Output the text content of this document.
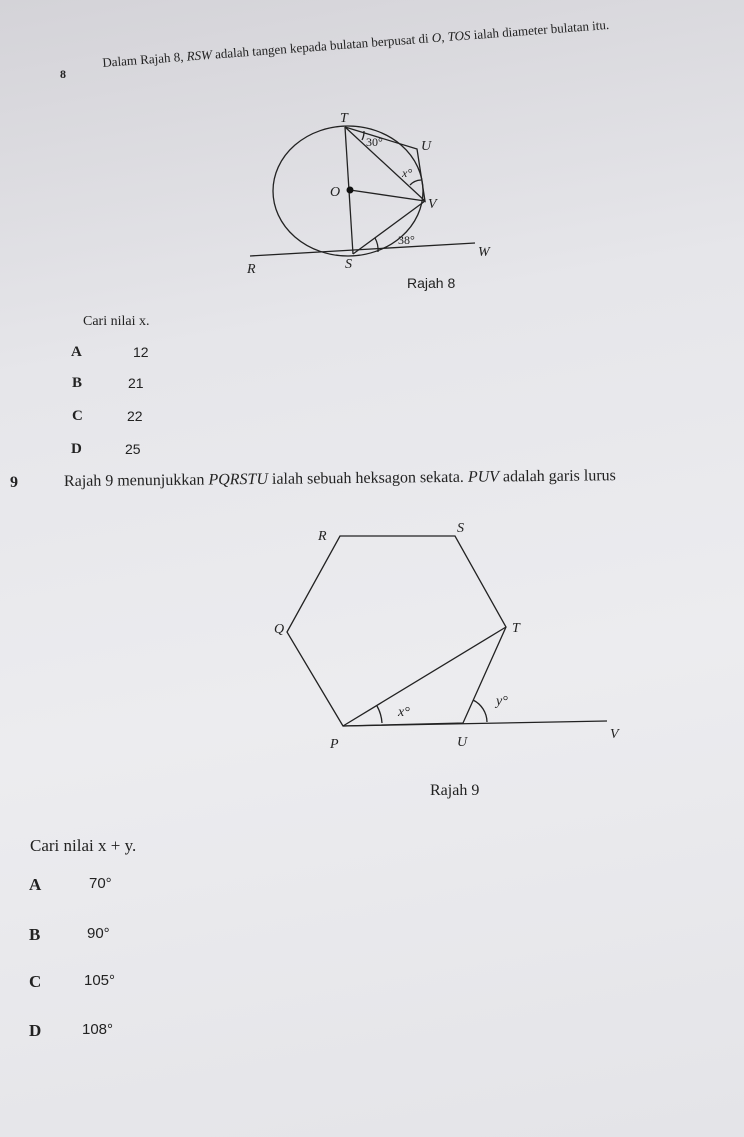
8
Dalam Rajah 8, RSW adalah tangen kepada bulatan berpusat di O, TOS ialah diameter bulatan itu.
T
U
O
V
R	S
W
x°
30°
38°
Rajah 8
R
S
Q	T
P	U
V
x°
y°
Rajah 9
Cari nilai x.
A	12
B	21
C	22
D	25
9	Rajah 9 menunjukkan PQRSTU ialah sebuah heksagon sekata. PUV adalah garis lurus
Cari nilai x + y.
A	70°
B	90°
C	105°
D	108°
